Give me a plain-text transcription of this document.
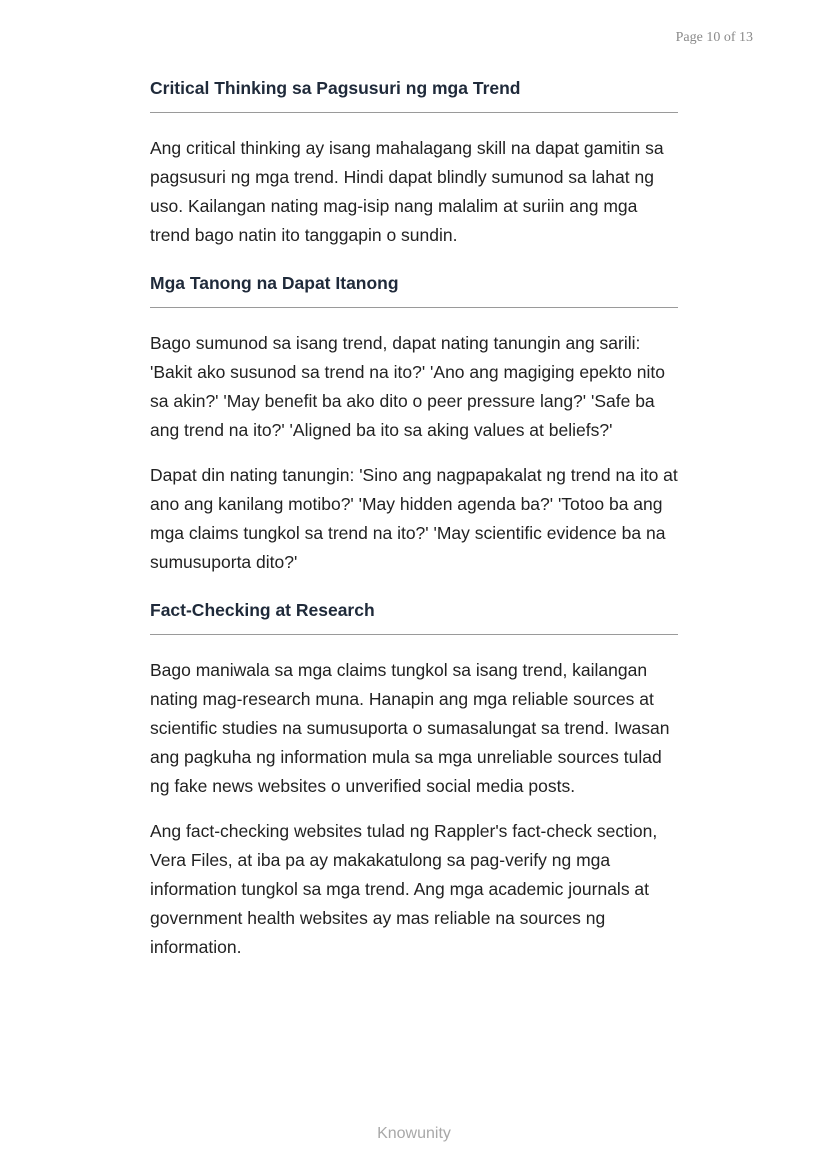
Page 10 of 13
Critical Thinking sa Pagsusuri ng mga Trend

Ang critical thinking ay isang mahalagang skill na dapat gamitin sa pagsusuri ng mga trend. Hindi dapat blindly sumunod sa lahat ng uso. Kailangan nating mag-isip nang malalim at suriin ang mga trend bago natin ito tanggapin o sundin.

Mga Tanong na Dapat Itanong

Bago sumunod sa isang trend, dapat nating tanungin ang sarili: 'Bakit ako susunod sa trend na ito?' 'Ano ang magiging epekto nito sa akin?' 'May benefit ba ako dito o peer pressure lang?' 'Safe ba ang trend na ito?' 'Aligned ba ito sa aking values at beliefs?'

Dapat din nating tanungin: 'Sino ang nagpapakalat ng trend na ito at ano ang kanilang motibo?' 'May hidden agenda ba?' 'Totoo ba ang mga claims tungkol sa trend na ito?' 'May scientific evidence ba na sumusuporta dito?'

Fact-Checking at Research

Bago maniwala sa mga claims tungkol sa isang trend, kailangan nating mag-research muna. Hanapin ang mga reliable sources at scientific studies na sumusuporta o sumasalungat sa trend. Iwasan ang pagkuha ng information mula sa mga unreliable sources tulad ng fake news websites o unverified social media posts.

Ang fact-checking websites tulad ng Rappler's fact-check section, Vera Files, at iba pa ay makakatulong sa pag-verify ng mga information tungkol sa mga trend. Ang mga academic journals at government health websites ay mas reliable na sources ng information.

Knowunity
